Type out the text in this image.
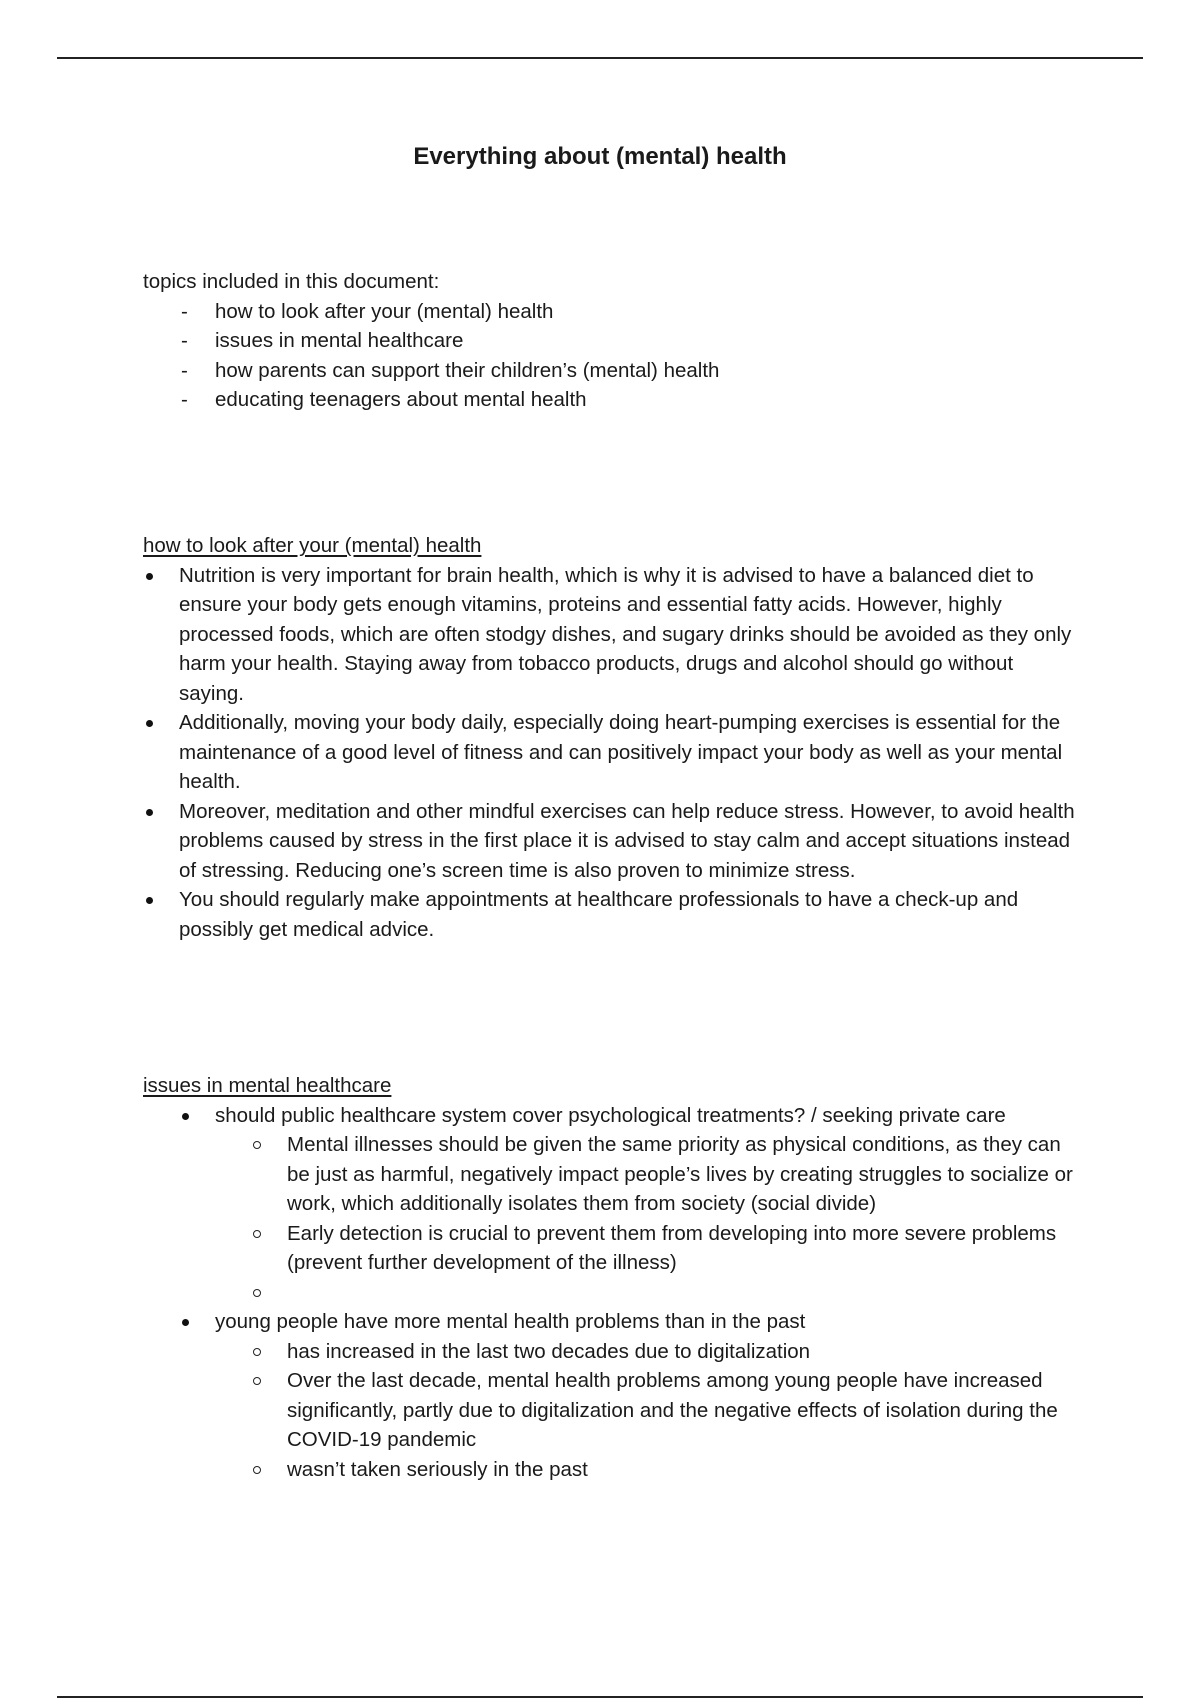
Everything about (mental) health
topics included in this document:
- how to look after your (mental) health
- issues in mental healthcare
- how parents can support their children’s (mental) health
- educating teenagers about mental health
how to look after your (mental) health
Nutrition is very important for brain health, which is why it is advised to have a balanced diet to ensure your body gets enough vitamins, proteins and essential fatty acids. However, highly processed foods, which are often stodgy dishes, and sugary drinks should be avoided as they only harm your health. Staying away from tobacco products, drugs and alcohol should go without saying.
Additionally, moving your body daily, especially doing heart-pumping exercises is essential for the maintenance of a good level of fitness and can positively impact your body as well as your mental health.
Moreover, meditation and other mindful exercises can help reduce stress. However, to avoid health problems caused by stress in the first place it is advised to stay calm and accept situations instead of stressing. Reducing one’s screen time is also proven to minimize stress.
You should regularly make appointments at healthcare professionals to have a check-up and possibly get medical advice.
issues in mental healthcare
should public healthcare system cover psychological treatments? / seeking private care
Mental illnesses should be given the same priority as physical conditions, as they can be just as harmful, negatively impact people’s lives by creating struggles to socialize or work, which additionally isolates them from society (social divide)
Early detection is crucial to prevent them from developing into more severe problems (prevent further development of the illness)
young people have more mental health problems than in the past
has increased in the last two decades due to digitalization
Over the last decade, mental health problems among young people have increased significantly, partly due to digitalization and the negative effects of isolation during the COVID-19 pandemic
wasn’t taken seriously in the past
